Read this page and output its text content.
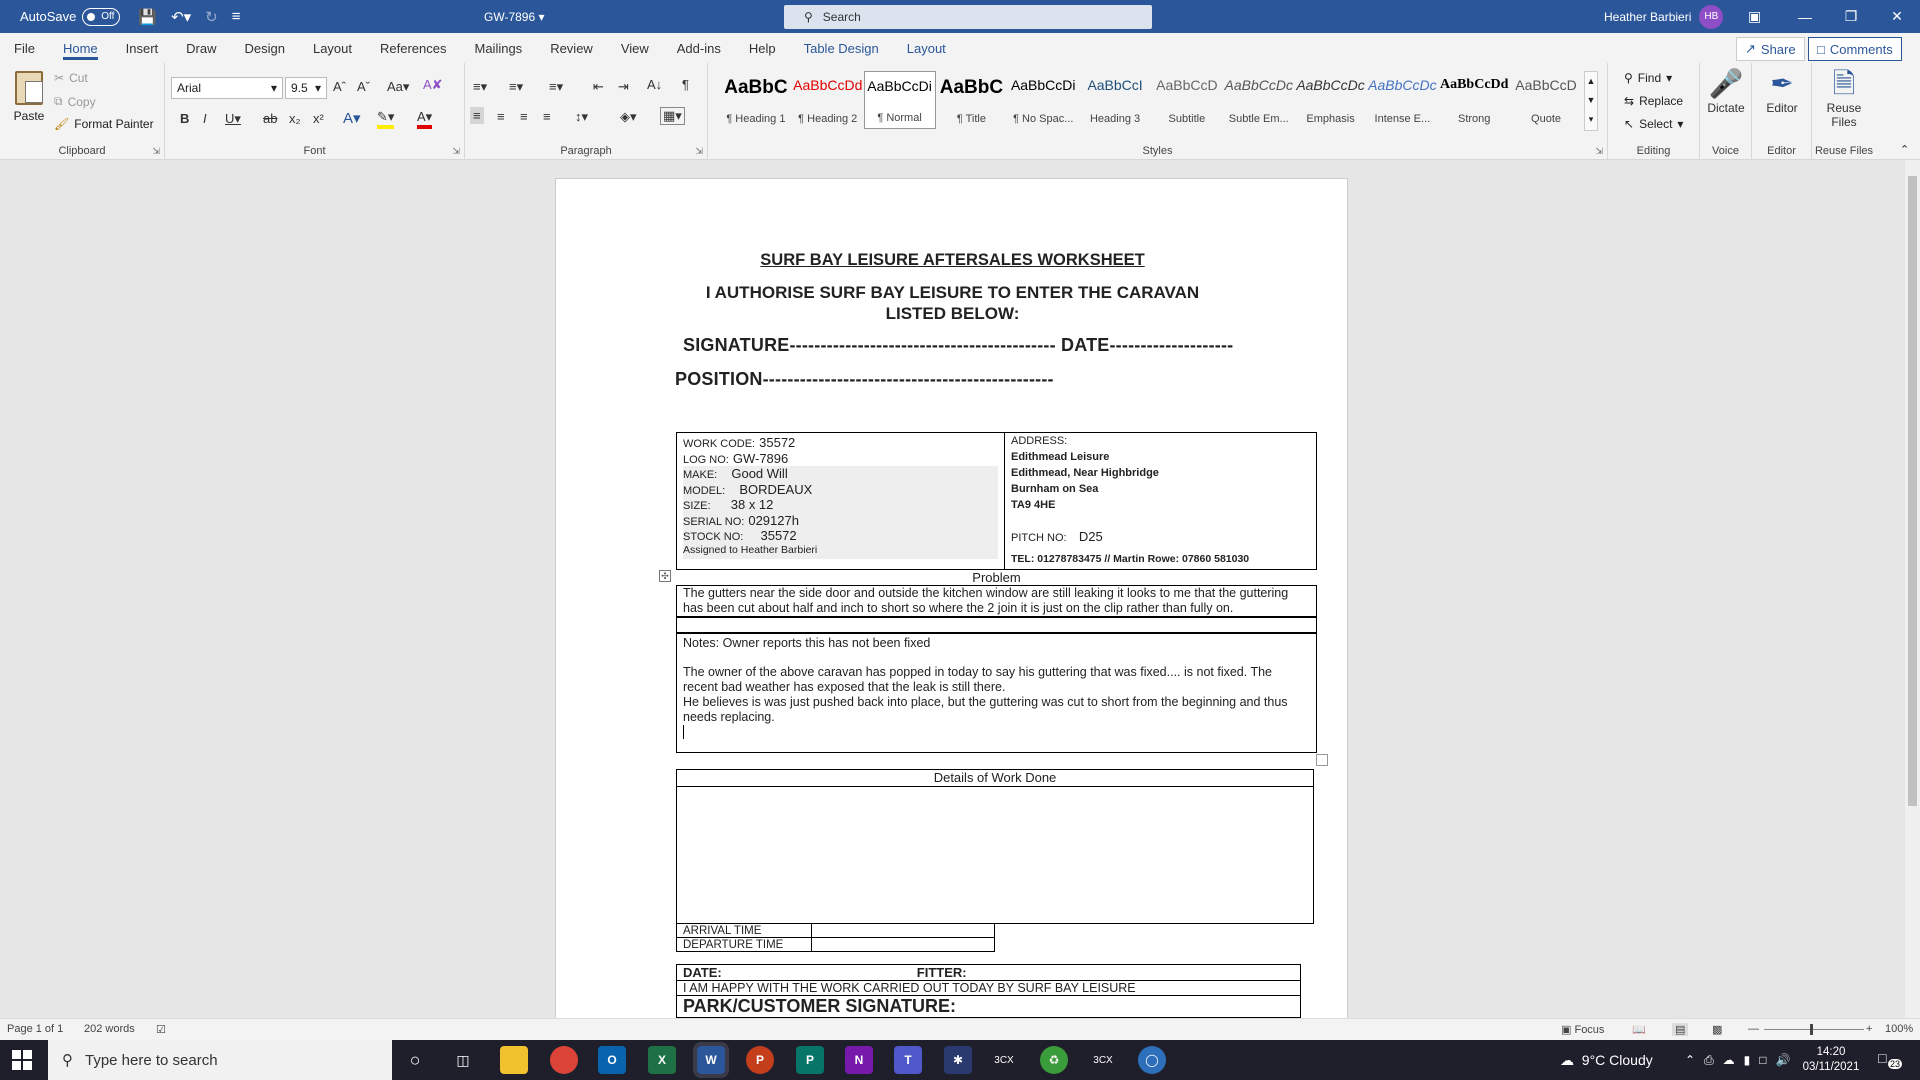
AutoSave Off 💾 ↶▾ ↻ ≡	GW-7896 ▾	⚲ Search	Heather Barbieri	HB	▣	—	❐	✕
File	Home	Insert	Draw	Design	Layout	References	Mailings	Review	View	Add-ins	Help	Table Design	Layout	↗ Share □ Comments
Paste
✂ Cut
⧉ Copy
🖌 Format Painter
Clipboard	⇲
Arial	▾	9.5 ▾ Aˆ Aˇ Aa▾ A✘
B I U▾ ab x₂ x² A▾ ✎▾ A▾
Font	⇲
≡▾ ≡▾ ≡▾ ⇤ ⇥ A↓ ¶
≡ ≡ ≡ ≡ ↕▾ ◈▾ ▦▾
Paragraph	⇲
AaBbC
¶ Heading 1
AaBbCcDd
¶ Heading 2
AaBbCcDi
¶ Normal
AaBbC
¶ Title
AaBbCcDi
¶ No Spac...
AaBbCcI
Heading 3
AaBbCcD
Subtitle
AaBbCcDc
Subtle Em...
AaBbCcDc
Emphasis
AaBbCcDc
Intense E...
AaBbCcDd
Strong
AaBbCcD
Quote
▲
▼
▾
Styles	⇲
⚲ Find ▾
⇆ Replace
↖ Select ▾
Editing
🎤
Dictate
Voice
✒
Editor
Editor
🗎
Reuse
Files
Reuse Files ⌃
SURF BAY LEISURE AFTERSALES WORKSHEET
I AUTHORISE SURF BAY LEISURE TO ENTER THE CARAVAN
LISTED BELOW:
SIGNATURE------------------------------------------- DATE--------------------
POSITION-----------------------------------------------
WORK CODE: 35572
LOG NO: GW-7896
MAKE:
Good Will
MODEL:
BORDEAUX
SIZE:
38 x 12
SERIAL NO: 029127h
STOCK NO:
35572
Assigned to Heather Barbieri

ADDRESS:
Edithmead Leisure
Edithmead, Near Highbridge
Burnham on Sea
TA9 4HE
PITCH NO: D25
TEL: 01278783475 // Martin Rowe: 07860 581030
✣	Problem
The gutters near the side door and outside the kitchen window are still leaking it looks to me that the guttering has been cut about half and inch to short so where the 2 join it is just on the clip rather than fully on.
Notes: Owner reports this has not been fixed
The owner of the above caravan has popped in today to say his guttering that was fixed.... is not fixed. The recent bad weather has exposed that the leak is still there.
He believes is was just pushed back into place, but the guttering was cut to short from the beginning and thus needs replacing.
Details of Work Done
ARRIVAL TIME	
DEPARTURE TIME	
DATE:	FITTER:
I AM HAPPY WITH THE WORK CARRIED OUT TODAY BY SURF BAY LEISURE
PARK/CUSTOMER SIGNATURE:
Page 1 of 1 202 words ☑	▣ Focus	📖	▤ ▩ —	+ 100%
⚲ Type here to search	○	◫	O	X	W	P	P	N	T	✱	3CX	♻	3CX	◯	☁
9°C Cloudy	⌃ ⎙ ☁ ▮ □ 🔊
14:20
03/11/2021
□ 23
